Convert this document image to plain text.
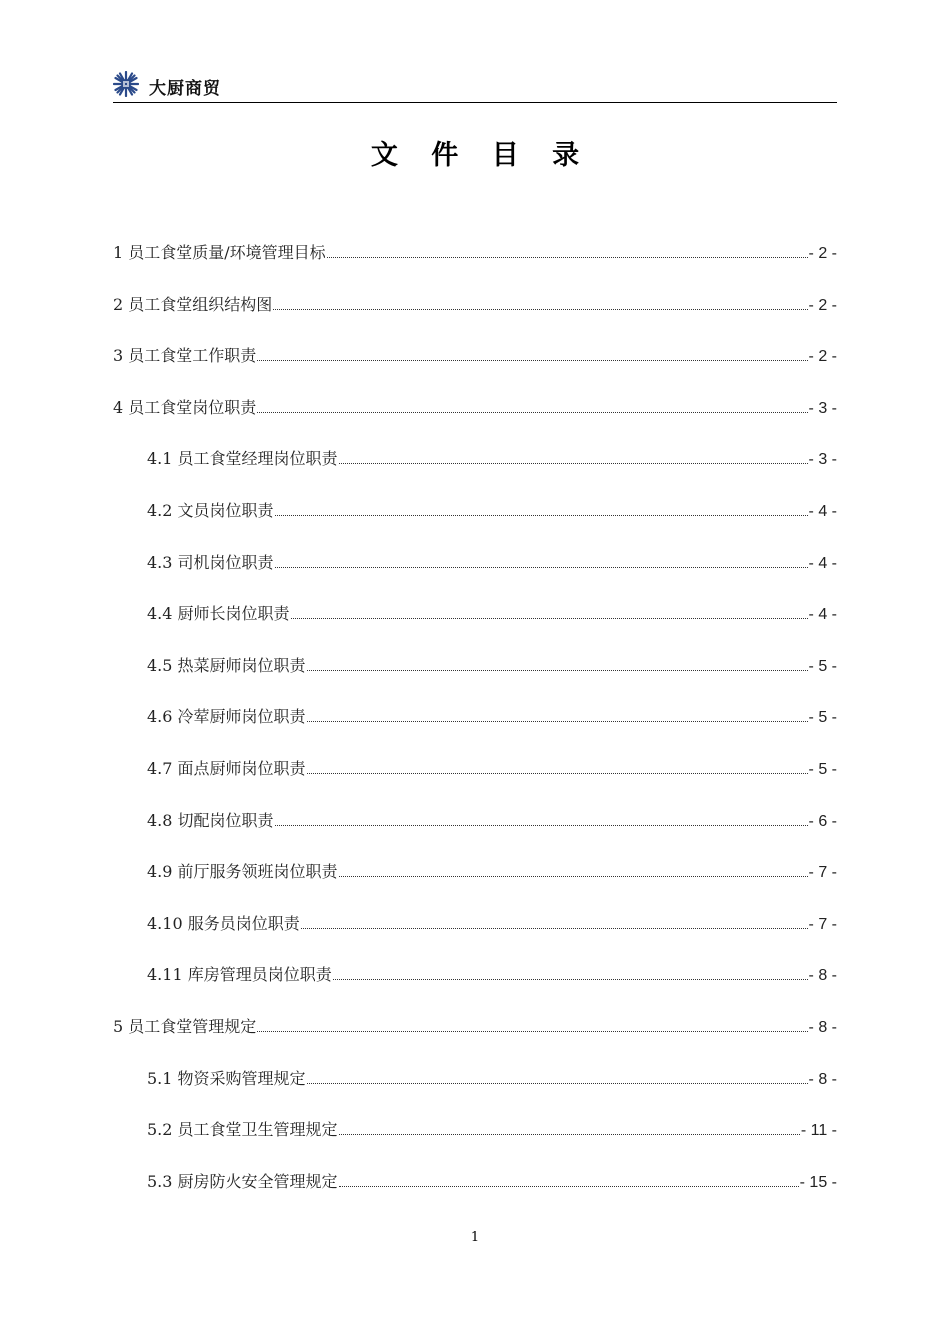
大厨商贸
文 件 目 录
1 员工食堂质量/环境管理目标	- 2 -
2 员工食堂组织结构图	- 2 -
3 员工食堂工作职责	- 2 -
4 员工食堂岗位职责	- 3 -
4.1 员工食堂经理岗位职责	- 3 -
4.2 文员岗位职责	- 4 -
4.3 司机岗位职责	- 4 -
4.4 厨师长岗位职责	- 4 -
4.5 热菜厨师岗位职责	- 5 -
4.6 冷荤厨师岗位职责	- 5 -
4.7 面点厨师岗位职责	- 5 -
4.8 切配岗位职责	- 6 -
4.9 前厅服务领班岗位职责	- 7 -
4.10 服务员岗位职责	- 7 -
4.11 库房管理员岗位职责	- 8 -
5 员工食堂管理规定	- 8 -
5.1 物资采购管理规定	- 8 -
5.2 员工食堂卫生管理规定	- 11 -
5.3 厨房防火安全管理规定	- 15 -
1
